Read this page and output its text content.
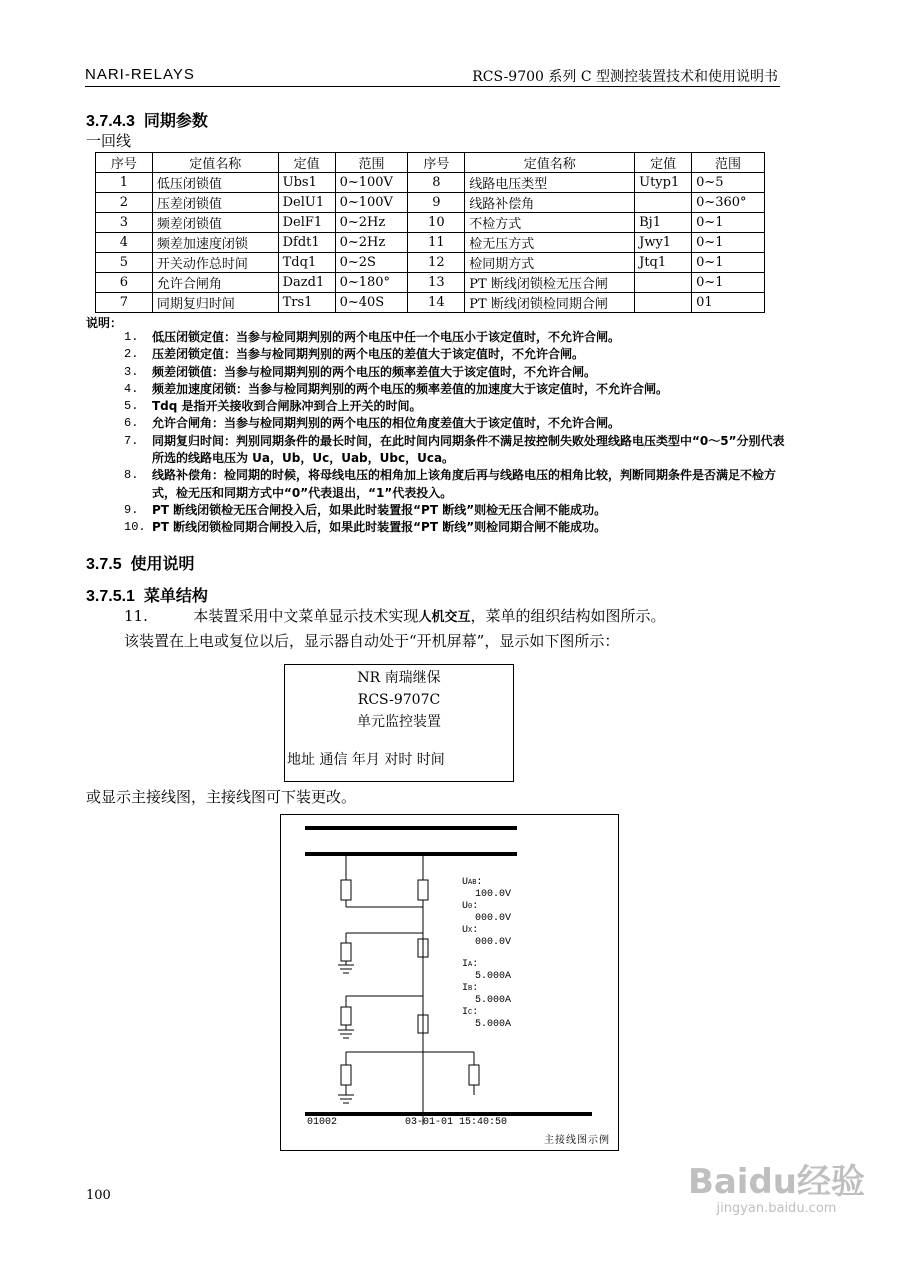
NARI-RELAYS	RCS-9700 系列 C 型测控装置技术和使用说明书
3.7.4.3 同期参数
一回线
序号	定值名称	定值	范围	序号	定值名称	定值	范围
1	低压闭锁值	Ubs1	0~100V	8	线路电压类型	Utyp1	0~5
2	压差闭锁值	DelU1	0~100V	9	线路补偿角		0~360°
3	频差闭锁值	DelF1	0~2Hz	10	不检方式	Bj1	0~1
4	频差加速度闭锁	Dfdt1	0~2Hz	11	检无压方式	Jwy1	0~1
5	开关动作总时间	Tdq1	0~2S	12	检同期方式	Jtq1	0~1
6	允许合闸角	Dazd1	0~180°	13	PT 断线闭锁检无压合闸		0~1
7	同期复归时间	Trs1	0~40S	14	PT 断线闭锁检同期合闸		01
说明：
1.	低压闭锁定值：当参与检同期判别的两个电压中任一个电压小于该定值时，不允许合闸。
2.	压差闭锁定值：当参与检同期判别的两个电压的差值大于该定值时，不允许合闸。
3.	频差闭锁值：当参与检同期判别的两个电压的频率差值大于该定值时，不允许合闸。
4.	频差加速度闭锁：当参与检同期判别的两个电压的频率差值的加速度大于该定值时，不允许合闸。
5.	Tdq 是指开关接收到合闸脉冲到合上开关的时间。
6.	允许合闸角：当参与检同期判别的两个电压的相位角度差值大于该定值时，不允许合闸。
7.	同期复归时间：判别同期条件的最长时间，在此时间内同期条件不满足按控制失败处理线路电压类型中“0～5”分别代表所选的线路电压为 Ua，Ub，Uc，Uab，Ubc，Uca。
8.	线路补偿角：检同期的时候，将母线电压的相角加上该角度后再与线路电压的相角比较，判断同期条件是否满足不检方式，检无压和同期方式中“0”代表退出，“1”代表投入。
9.	PT 断线闭锁检无压合闸投入后，如果此时装置报“PT 断线”则检无压合闸不能成功。
10. PT 断线闭锁检同期合闸投入后，如果此时装置报“PT 断线”则检同期合闸不能成功。
3.7.5 使用说明
3.7.5.1 菜单结构
11.	本装置采用中文菜单显示技术实现人机交互，菜单的组织结构如图所示。
该装置在上电或复位以后，显示器自动处于“开机屏幕”，显示如下图所示：
NR 南瑞继保
RCS-9707C
单元监控装置
地址 通信 年月 对时 时间
或显示主接线图，主接线图可下装更改。
UAB:
100.0V
U0:
000.0V
UX:
000.0V
IA:
5.000A
IB:
5.000A
IC:
5.000A
01002	03-01-01 15:40:50
主接线图示例
100	Baidu经验
jingyan.baidu.com
